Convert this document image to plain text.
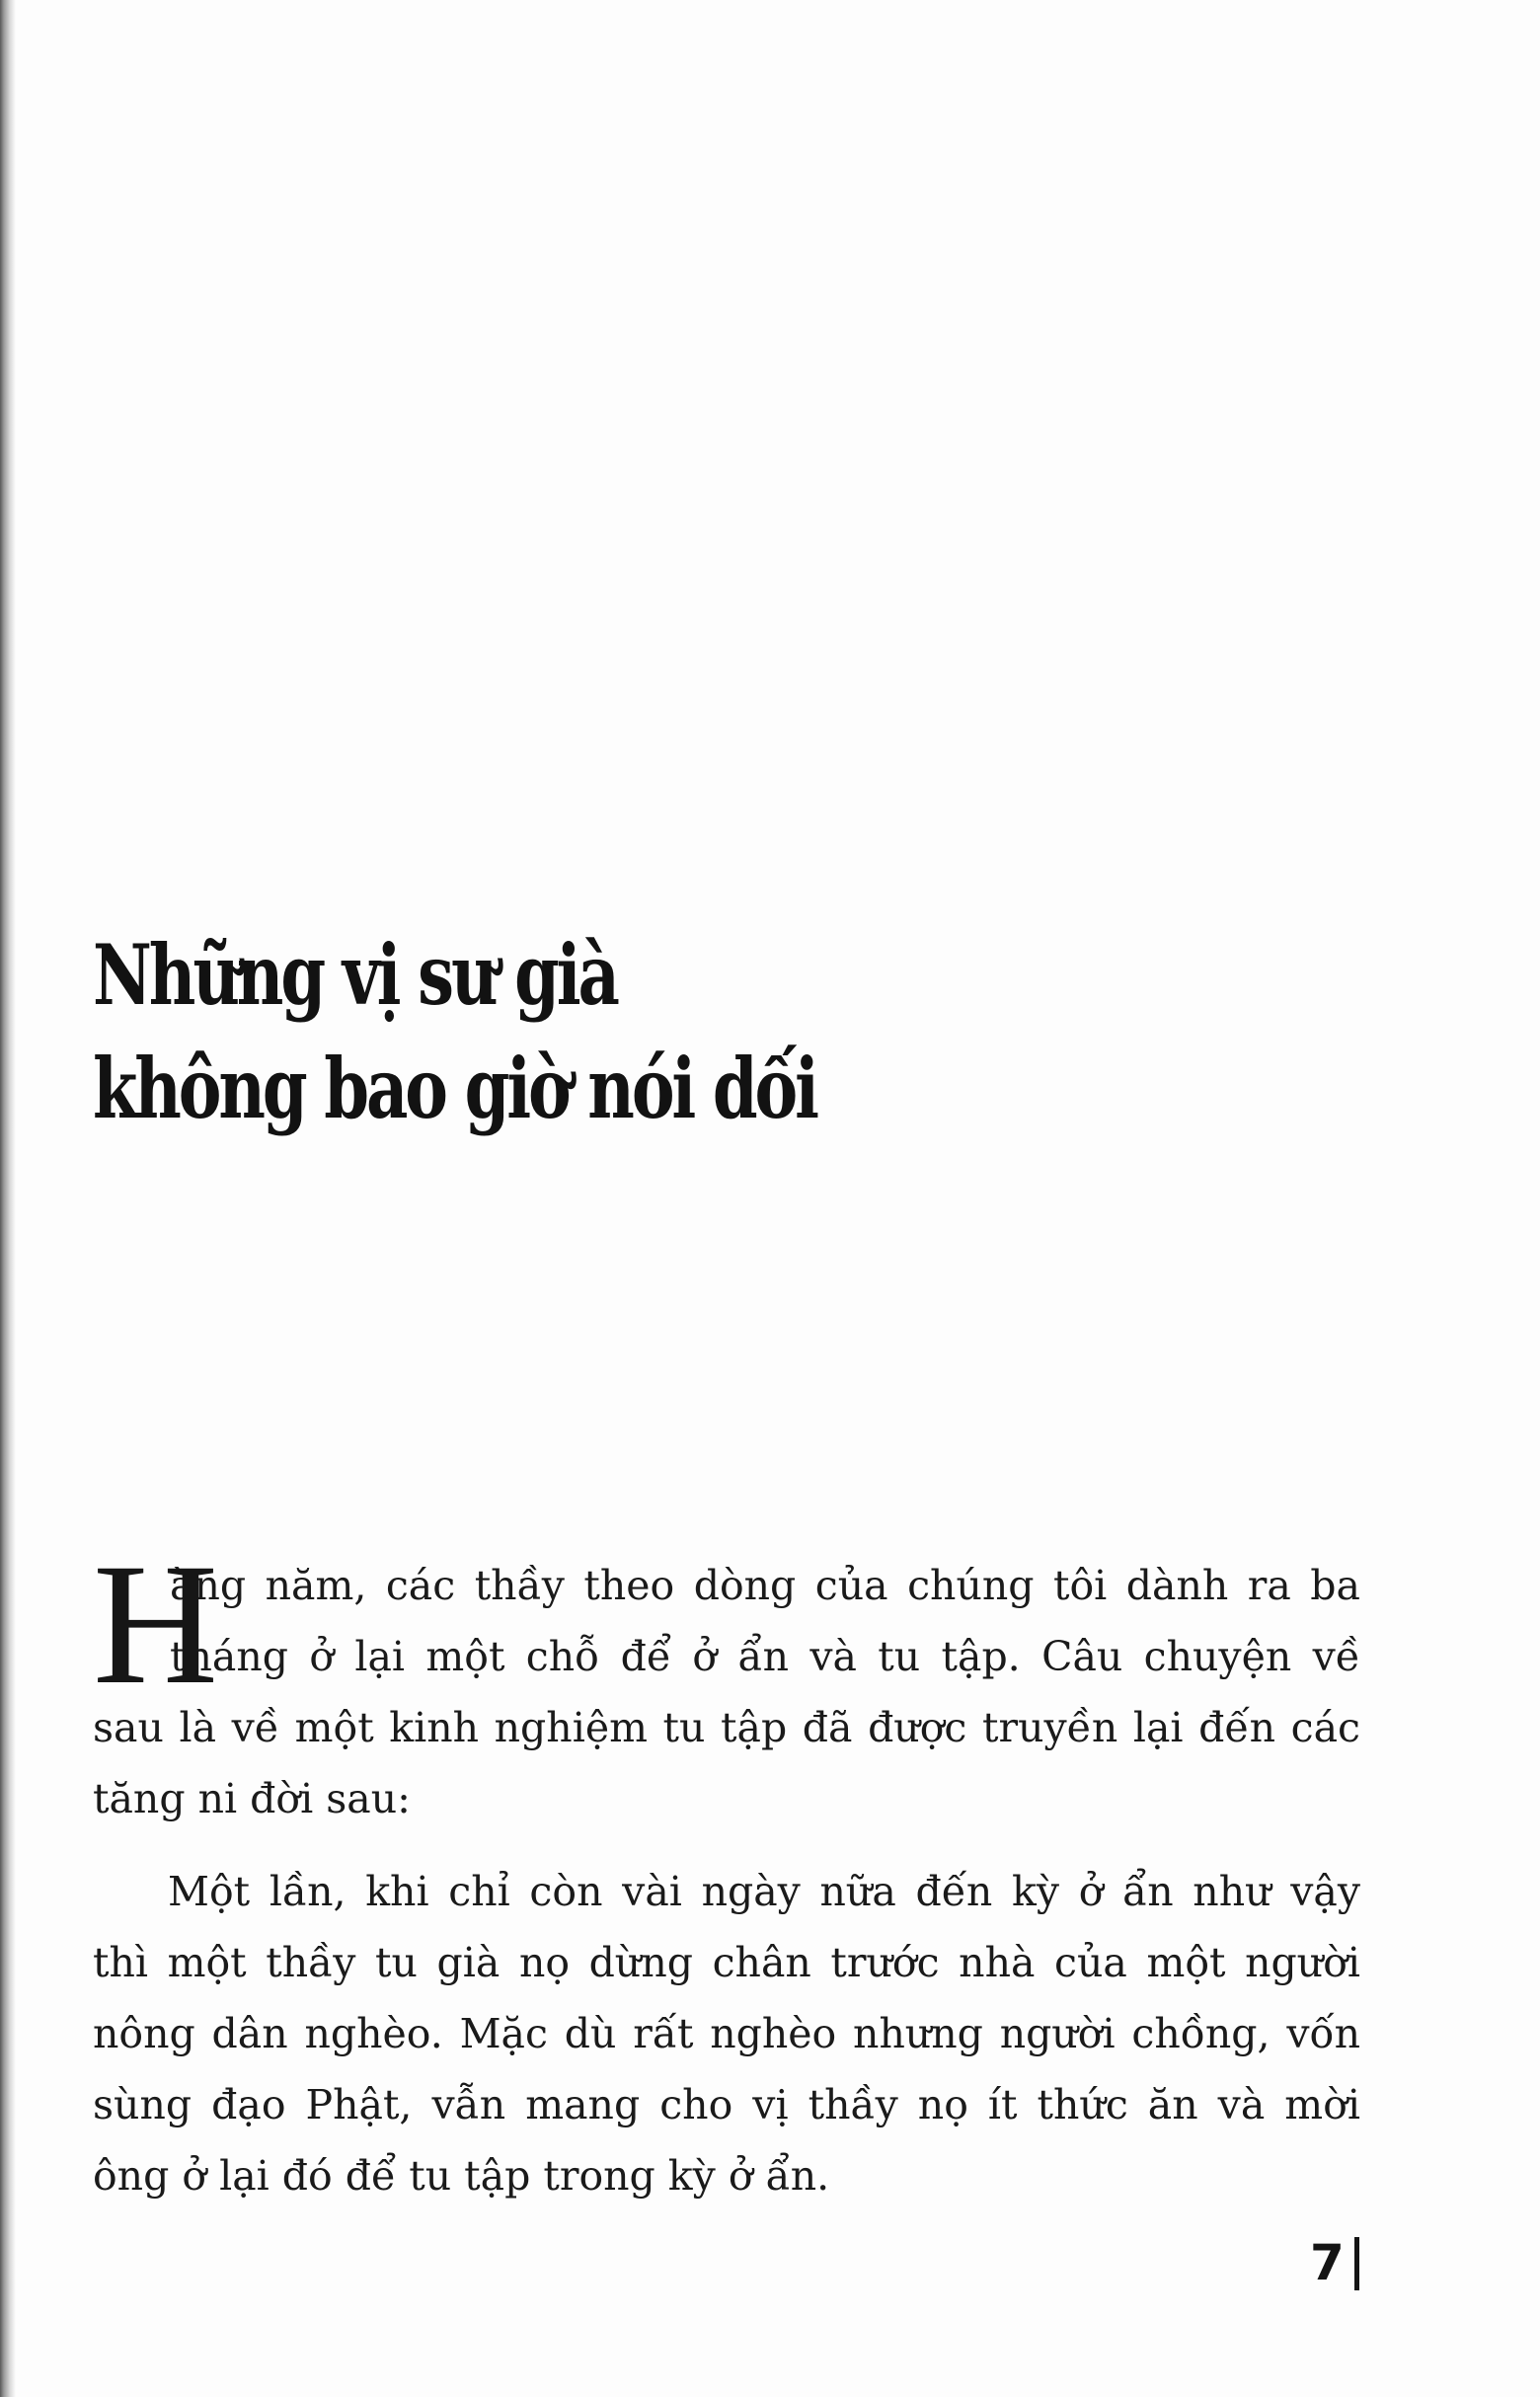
Những vị sư già
không bao giờ nói dối
H
àng năm, các thầy theo dòng của chúng tôi dành ra ba
tháng ở lại một chỗ để ở ẩn và tu tập. Câu chuyện về
sau là về một kinh nghiệm tu tập đã được truyền lại đến các
tăng ni đời sau:
Một lần, khi chỉ còn vài ngày nữa đến kỳ ở ẩn như vậy
thì một thầy tu già nọ dừng chân trước nhà của một người
nông dân nghèo. Mặc dù rất nghèo nhưng người chồng, vốn
sùng đạo Phật, vẫn mang cho vị thầy nọ ít thức ăn và mời
ông ở lại đó để tu tập trong kỳ ở ẩn.
7
